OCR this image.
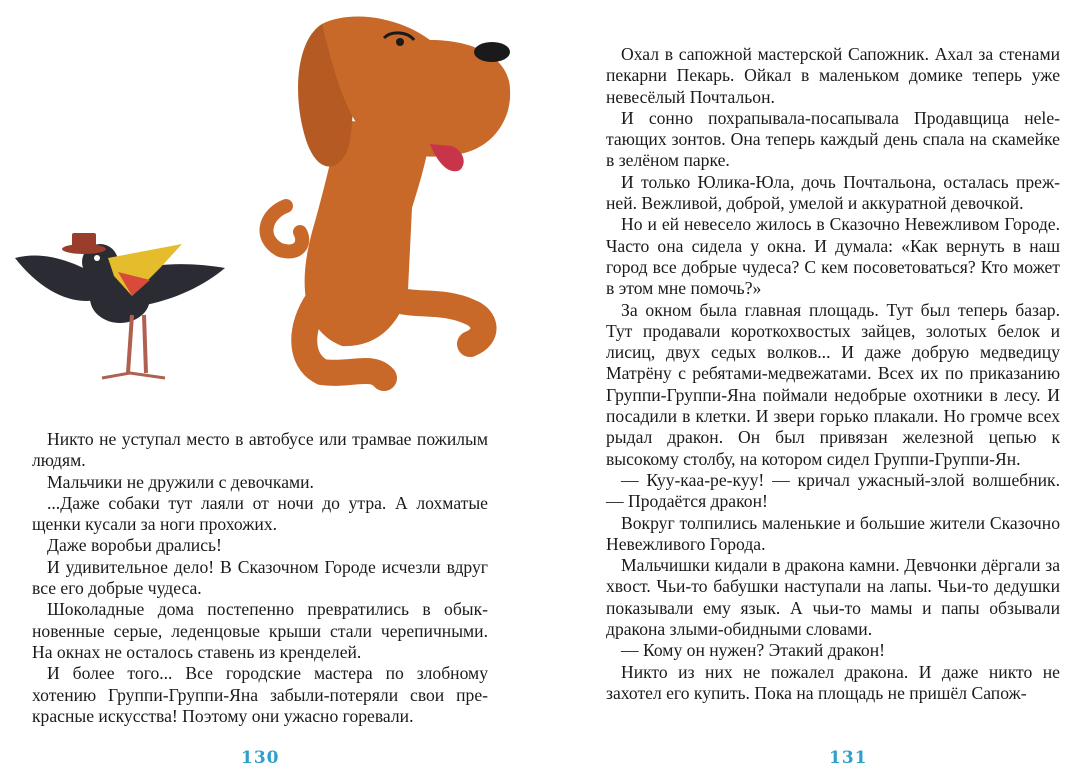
Никто не уступал место в автобусе или трамвае пожилым людям.

Мальчики не дружили с девочками.

...Даже собаки тут лаяли от ночи до утра. А лохматые щенки кусали за ноги прохожих.

Даже воробьи дрались!

И удивительное дело! В Сказочном Городе исчезли вдруг все его добрые чудеса.

Шоколадные дома постепенно превратились в обыкновенные серые, леденцовые крыши стали черепичными. На окнах не осталось ставень из кренделей.

И более того... Все городские мастера по злобному хотению Группи-Группи-Яна забыли-потеряли свои прекрасные искусства! Поэтому они ужасно горевали.

130

Охал в сапожной мастерской Сапожник. Ахал за стенами пекарни Пекарь. Ойкал в маленьком домике теперь уже невесёлый Почтальон.

И сонно похрапывала-посапывала Продавщица нeleтающих зонтов. Она теперь каждый день спала на скамейке в зелёном парке.

И только Юлика-Юла, дочь Почтальона, осталась прежней. Вежливой, доброй, умелой и аккуратной девочкой.

Но и ей невесело жилось в Сказочно Невежливом Городе. Часто она сидела у окна. И думала: «Как вернуть в наш город все добрые чудеса? С кем посоветоваться? Кто может в этом мне помочь?»

За окном была главная площадь. Тут был теперь базар. Тут продавали короткохвостых зайцев, золотых белок и лисиц, двух седых волков... И даже добрую медведицу Матрёну с ребятами-медвежатами. Всех их по приказанию Группи-Группи-Яна поймали недобрые охотники в лесу. И посадили в клетки. И звери горько плакали. Но громче всех рыдал дракон. Он был привязан железной цепью к высокому столбу, на котором сидел Группи-Группи-Ян.

— Куу-каа-ре-куу! — кричал ужасный-злой волшебник. — Продаётся дракон!

Вокруг толпились маленькие и большие жители Сказочно Невежливого Города.

Мальчишки кидали в дракона камни. Девчонки дёргали за хвост. Чьи-то бабушки наступали на лапы. Чьи-то дедушки показывали ему язык. А чьи-то мамы и папы обзывали дракона злыми-обидными словами.

— Кому он нужен? Этакий дракон!

Никто из них не пожалел дракона. И даже никто не захотел его купить. Пока на площадь не пришёл Сапож-

131
